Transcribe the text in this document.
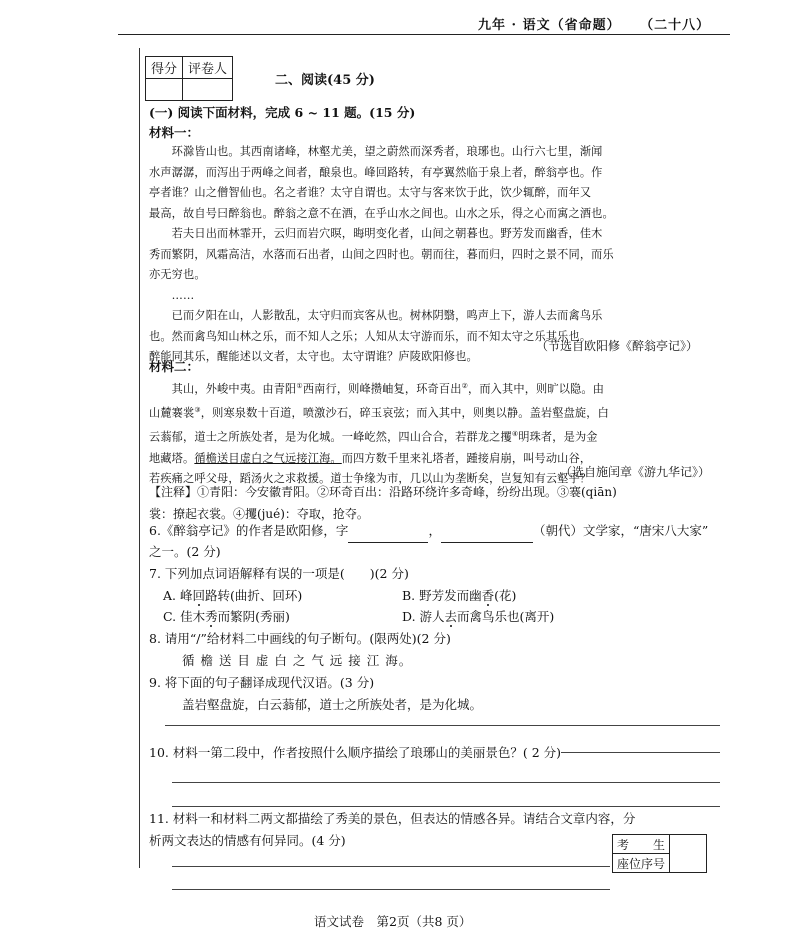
九年 · 语文（省命题） （二十八）
得分	评卷人

二、阅读(45 分)
(一) 阅读下面材料，完成 6 ~ 11 题。(15 分)
材料一：
　　环滁皆山也。其西南诸峰，林壑尤美，望之蔚然而深秀者，琅琊也。山行六七里，渐闻
水声潺潺，而泻出于两峰之间者，酿泉也。峰回路转，有亭翼然临于泉上者，醉翁亭也。作
亭者谁？山之僧智仙也。名之者谁？太守自谓也。太守与客来饮于此，饮少辄醉，而年又
最高，故自号曰醉翁也。醉翁之意不在酒，在乎山水之间也。山水之乐，得之心而寓之酒也。
　　若夫日出而林霏开，云归而岩穴暝，晦明变化者，山间之朝暮也。野芳发而幽香，佳木
秀而繁阴，风霜高洁，水落而石出者，山间之四时也。朝而往，暮而归，四时之景不同，而乐
亦无穷也。
　　……
　　已而夕阳在山，人影散乱，太守归而宾客从也。树林阴翳，鸣声上下，游人去而禽鸟乐
也。然而禽鸟知山林之乐，而不知人之乐；人知从太守游而乐，而不知太守之乐其乐也。
醉能同其乐，醒能述以文者，太守也。太守谓谁？庐陵欧阳修也。
（节选自欧阳修《醉翁亭记》）
材料二：
　　其山，外峻中夷。由青阳①西南行，则峰攒岫复，环奇百出②，而入其中，则旷以隐。由
山麓褰裳③，则寒泉数十百道，喷激沙石，碎玉哀弦；而入其中，则奥以静。盖岩壑盘旋，白
云蓊郁，道士之所族处者，是为化城。一峰屹然，四山合合，若群龙之攫④明珠者，是为金
地藏塔。循檐送目虚白之气远接江海。而四方数千里来礼塔者，踵接肩崩，叫号动山谷，
若疾痛之呼父母，蹈汤火之求救援。道士争缘为市，几以山为垄断矣，岂复知有云壑乎？
（选自施闰章《游九华记》）
【注释】①青阳：今安徽青阳。②环奇百出：沿路环绕许多奇峰，纷纷出现。③褰(qiān)
裳：撩起衣裳。④攫(jué)：夺取，抢夺。
6.《醉翁亭记》的作者是欧阳修，字	，	（朝代）文学家，“唐宋八大家”
之一。(2 分)
7. 下列加点词语解释有误的一项是(　　)(2 分)
A. 峰回路转(曲折、回环)	B. 野芳发而幽香(花)
C. 佳木秀而繁阴(秀丽)	D. 游人去而禽鸟乐也(离开)
8. 请用“/”给材料二中画线的句子断句。(限两处)(2 分)
循 檐 送 目 虚 白 之 气 远 接 江 海。
9. 将下面的句子翻译成现代汉语。(3 分)
盖岩壑盘旋，白云蓊郁，道士之所族处者，是为化城。
10. 材料一第二段中，作者按照什么顺序描绘了琅琊山的美丽景色？( 2 分)
11. 材料一和材料二两文都描绘了秀美的景色，但表达的情感各异。请结合文章内容，分
析两文表达的情感有何异同。(4 分)	考　　生	
座位序号
语文试卷　第2页（共8 页）
